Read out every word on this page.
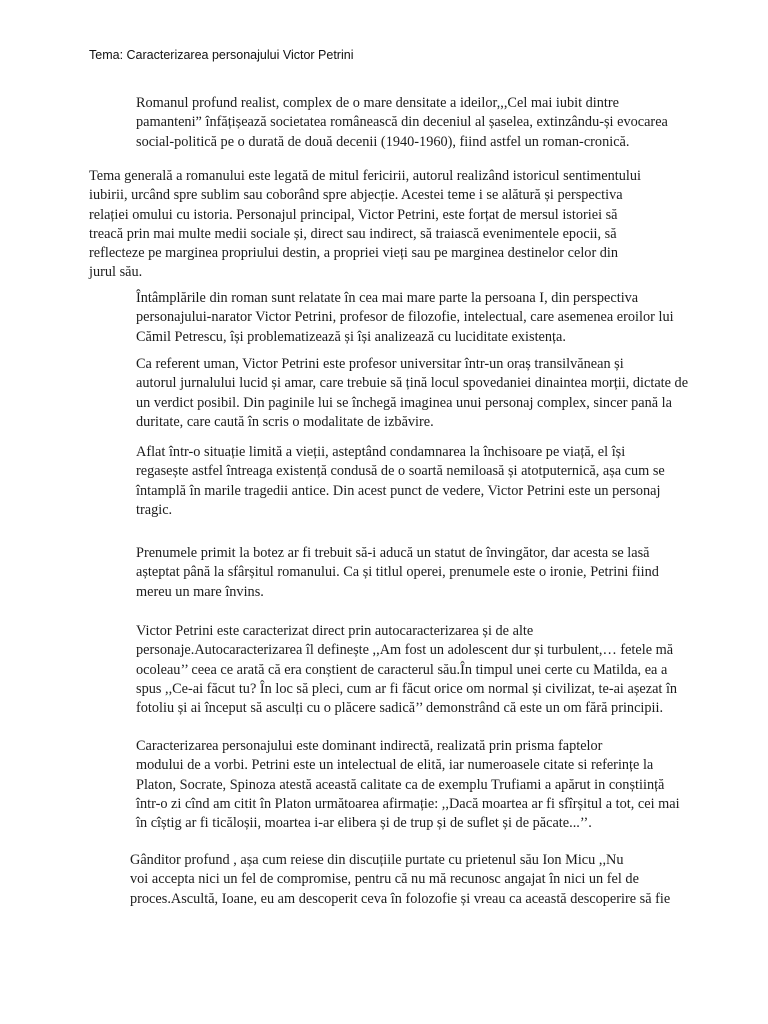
Tema: Caracterizarea personajului Victor Petrini

Romanul profund realist, complex de o mare densitate a ideilor,,,Cel mai iubit dintre
pamanteni” înfățișează societatea românească din deceniul al șaselea, extinzându-și evocarea
social-politică pe o durată de două decenii (1940-1960), fiind astfel un roman-cronică.

Tema generală a romanului este legată de mitul fericirii, autorul realizând istoricul sentimentului
iubirii, urcând spre sublim sau coborând spre abjecție. Acestei teme i se alătură și perspectiva
relației omului cu istoria. Personajul principal, Victor Petrini, este forțat de mersul istoriei să
treacă prin mai multe medii sociale și, direct sau indirect, să traiască evenimentele epocii, să
reflecteze pe marginea propriului destin, a propriei vieți sau pe marginea destinelor celor din
jurul său.

Întâmplările din roman sunt relatate în cea mai mare parte la persoana I, din perspectiva
personajului-narator Victor Petrini, profesor de filozofie, intelectual, care asemenea eroilor lui
Cămil Petrescu, își problematizează și își analizează cu luciditate existența.

Ca referent uman, Victor Petrini este profesor universitar într-un oraș transilvănean și
autorul jurnalului lucid și amar, care trebuie să țină locul spovedaniei dinaintea morții, dictate de
un verdict posibil. Din paginile lui se închegă imaginea unui personaj complex, sincer pană la
duritate, care caută în scris o modalitate de izbăvire.

Aflat într-o situație limită a vieții, asteptând condamnarea la închisoare pe viață, el își
regasește astfel întreaga existență condusă de o soartă nemiloasă și atotputernică, așa cum se
întamplă în marile tragedii antice. Din acest punct de vedere, Victor Petrini este un personaj
tragic.

Prenumele primit la botez ar fi trebuit să-i aducă un statut de învingător, dar acesta se lasă
așteptat până la sfârșitul romanului. Ca și titlul operei, prenumele este o ironie, Petrini fiind
mereu un mare învins.

Victor Petrini este caracterizat direct prin autocaracterizarea și de alte
personaje.Autocaracterizarea îl definește ,,Am fost un adolescent dur și turbulent,… fetele mă
ocoleau’’ ceea ce arată că era conștient de caracterul său.În timpul unei certe cu Matilda, ea a
spus ,,Ce-ai făcut tu? În loc să pleci, cum ar fi făcut orice om normal și civilizat, te-ai așezat în
fotoliu și ai început să asculți cu o plăcere sadică’’ demonstrând că este un om fără principii.

Caracterizarea personajului este dominant indirectă, realizată prin prisma faptelor
modului de a vorbi. Petrini este un intelectual de elită, iar numeroasele citate si referințe la
Platon, Socrate, Spinoza atestă această calitate ca de exemplu Trufiami a apărut in conștiință
într-o zi cînd am citit în Platon următoarea afirmație: ,,Dacă moartea ar fi sfîrșitul a tot, cei mai
în cîștig ar fi ticăloșii, moartea i-ar elibera și de trup și de suflet și de păcate...’’.

Gânditor profund , așa cum reiese din discuțiile purtate cu prietenul său Ion Micu ,,Nu
voi accepta nici un fel de compromise, pentru că nu mă recunosc angajat în nici un fel de
proces.Ascultă, Ioane, eu am descoperit ceva în folozofie și vreau ca această descoperire să fie
